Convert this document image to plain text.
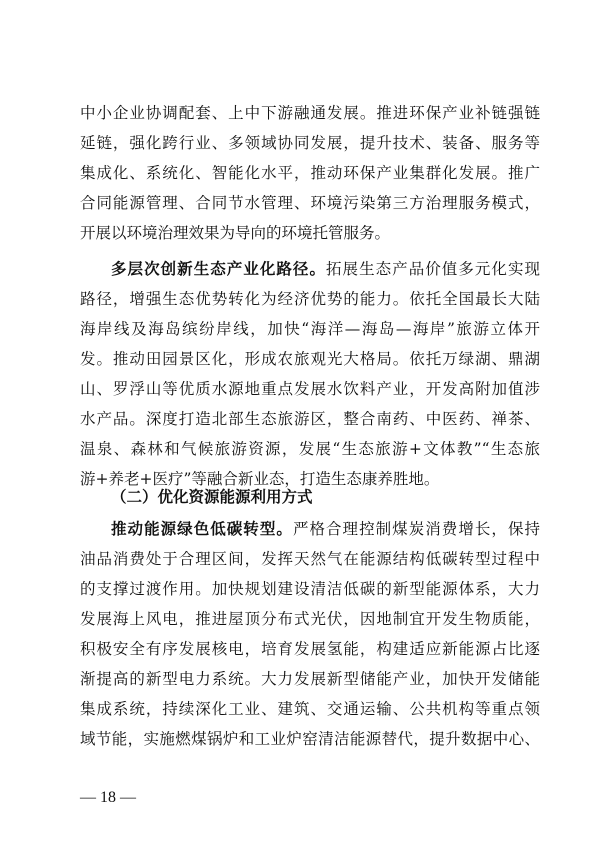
中小企业协调配套、上中下游融通发展。推进环保产业补链强链
延链，强化跨行业、多领域协同发展，提升技术、装备、服务等
集成化、系统化、智能化水平，推动环保产业集群化发展。推广
合同能源管理、合同节水管理、环境污染第三方治理服务模式，
开展以环境治理效果为导向的环境托管服务。
多层次创新生态产业化路径。拓展生态产品价值多元化实现
路径，增强生态优势转化为经济优势的能力。依托全国最长大陆
海岸线及海岛缤纷岸线，加快“海洋—海岛—海岸”旅游立体开
发。推动田园景区化，形成农旅观光大格局。依托万绿湖、鼎湖
山、罗浮山等优质水源地重点发展水饮料产业，开发高附加值涉
水产品。深度打造北部生态旅游区，整合南药、中医药、禅茶、
温泉、森林和气候旅游资源，发展“生态旅游+文体教”“生态旅
游+养老+医疗”等融合新业态，打造生态康养胜地。
（二）优化资源能源利用方式
推动能源绿色低碳转型。严格合理控制煤炭消费增长，保持
油品消费处于合理区间，发挥天然气在能源结构低碳转型过程中
的支撑过渡作用。加快规划建设清洁低碳的新型能源体系，大力
发展海上风电，推进屋顶分布式光伏，因地制宜开发生物质能，
积极安全有序发展核电，培育发展氢能，构建适应新能源占比逐
渐提高的新型电力系统。大力发展新型储能产业，加快开发储能
集成系统，持续深化工业、建筑、交通运输、公共机构等重点领
域节能，实施燃煤锅炉和工业炉窑清洁能源替代，提升数据中心、
— 18 —
